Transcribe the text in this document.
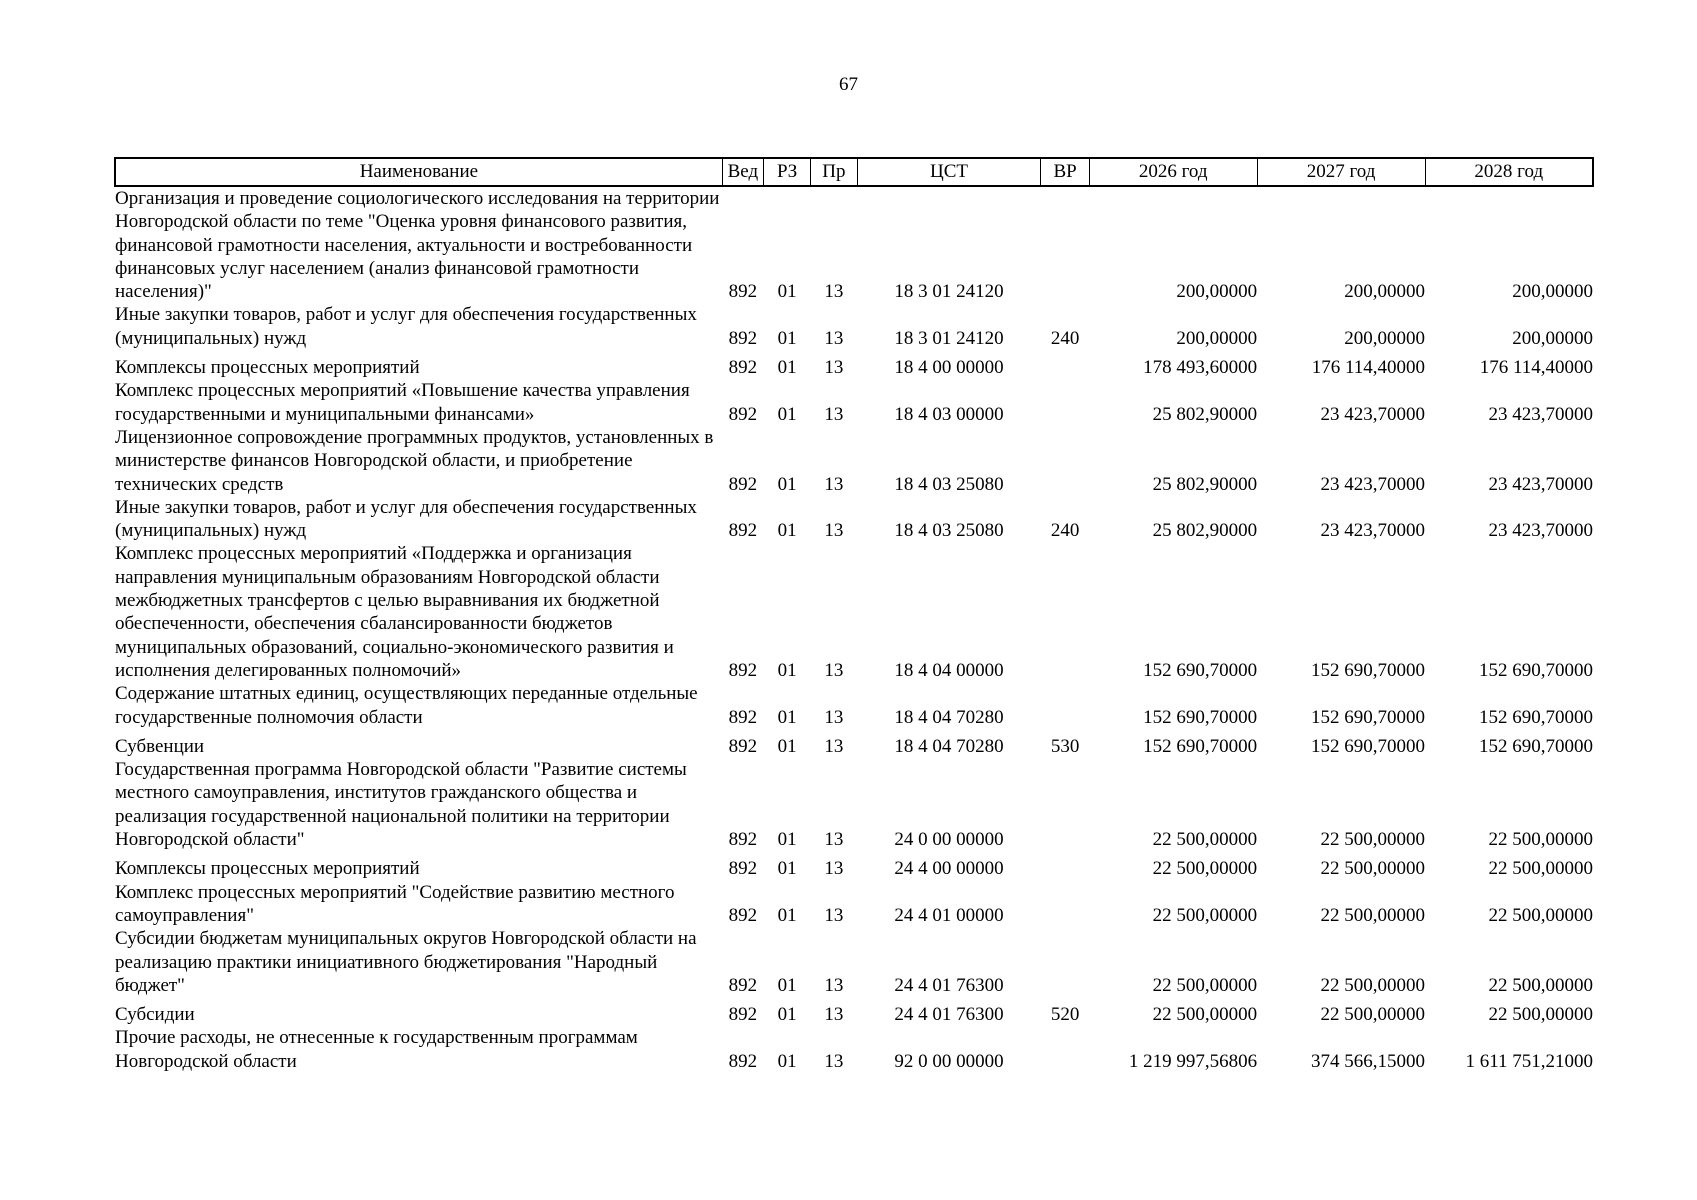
67
Наименование	Вед	РЗ	Пр	ЦСТ	ВР	2026 год	2027 год	2028 год
Организация и проведение социологического исследования на территории Новгородской области по теме "Оценка уровня финансового развития, финансовой грамотности населения, актуальности и востребованности финансовых услуг населением (анализ финансовой грамотности населения)"	892	01	13	18 3 01 24120		200,00000	200,00000	200,00000
Иные закупки товаров, работ и услуг для обеспечения государственных (муниципальных) нужд	892	01	13	18 3 01 24120	240	200,00000	200,00000	200,00000
Комплексы процессных мероприятий	892	01	13	18 4 00 00000		178 493,60000	176 114,40000	176 114,40000
Комплекс процессных мероприятий «Повышение качества управления государственными и муниципальными финансами»	892	01	13	18 4 03 00000		25 802,90000	23 423,70000	23 423,70000
Лицензионное сопровождение программных продуктов, установленных в министерстве финансов Новгородской области, и приобретение технических средств	892	01	13	18 4 03 25080		25 802,90000	23 423,70000	23 423,70000
Иные закупки товаров, работ и услуг для обеспечения государственных (муниципальных) нужд	892	01	13	18 4 03 25080	240	25 802,90000	23 423,70000	23 423,70000
Комплекс процессных мероприятий «Поддержка и организация направления муниципальным образованиям Новгородской области межбюджетных трансфертов с целью выравнивания их бюджетной обеспеченности, обеспечения сбалансированности бюджетов муниципальных образований, социально-экономического развития и исполнения делегированных полномочий»	892	01	13	18 4 04 00000		152 690,70000	152 690,70000	152 690,70000
Содержание штатных единиц, осуществляющих переданные отдельные государственные полномочия области	892	01	13	18 4 04 70280		152 690,70000	152 690,70000	152 690,70000
Субвенции	892	01	13	18 4 04 70280	530	152 690,70000	152 690,70000	152 690,70000
Государственная программа Новгородской области "Развитие системы местного самоуправления, институтов гражданского общества и реализация государственной национальной политики на территории Новгородской области"	892	01	13	24 0 00 00000		22 500,00000	22 500,00000	22 500,00000
Комплексы процессных мероприятий	892	01	13	24 4 00 00000		22 500,00000	22 500,00000	22 500,00000
Комплекс процессных мероприятий "Содействие развитию местного самоуправления"	892	01	13	24 4 01 00000		22 500,00000	22 500,00000	22 500,00000
Субсидии бюджетам муниципальных округов Новгородской области на реализацию практики инициативного бюджетирования "Народный бюджет"	892	01	13	24 4 01 76300		22 500,00000	22 500,00000	22 500,00000
Субсидии	892	01	13	24 4 01 76300	520	22 500,00000	22 500,00000	22 500,00000
Прочие расходы, не отнесенные к государственным программам Новгородской области	892	01	13	92 0 00 00000		1 219 997,56806	374 566,15000	1 611 751,21000
